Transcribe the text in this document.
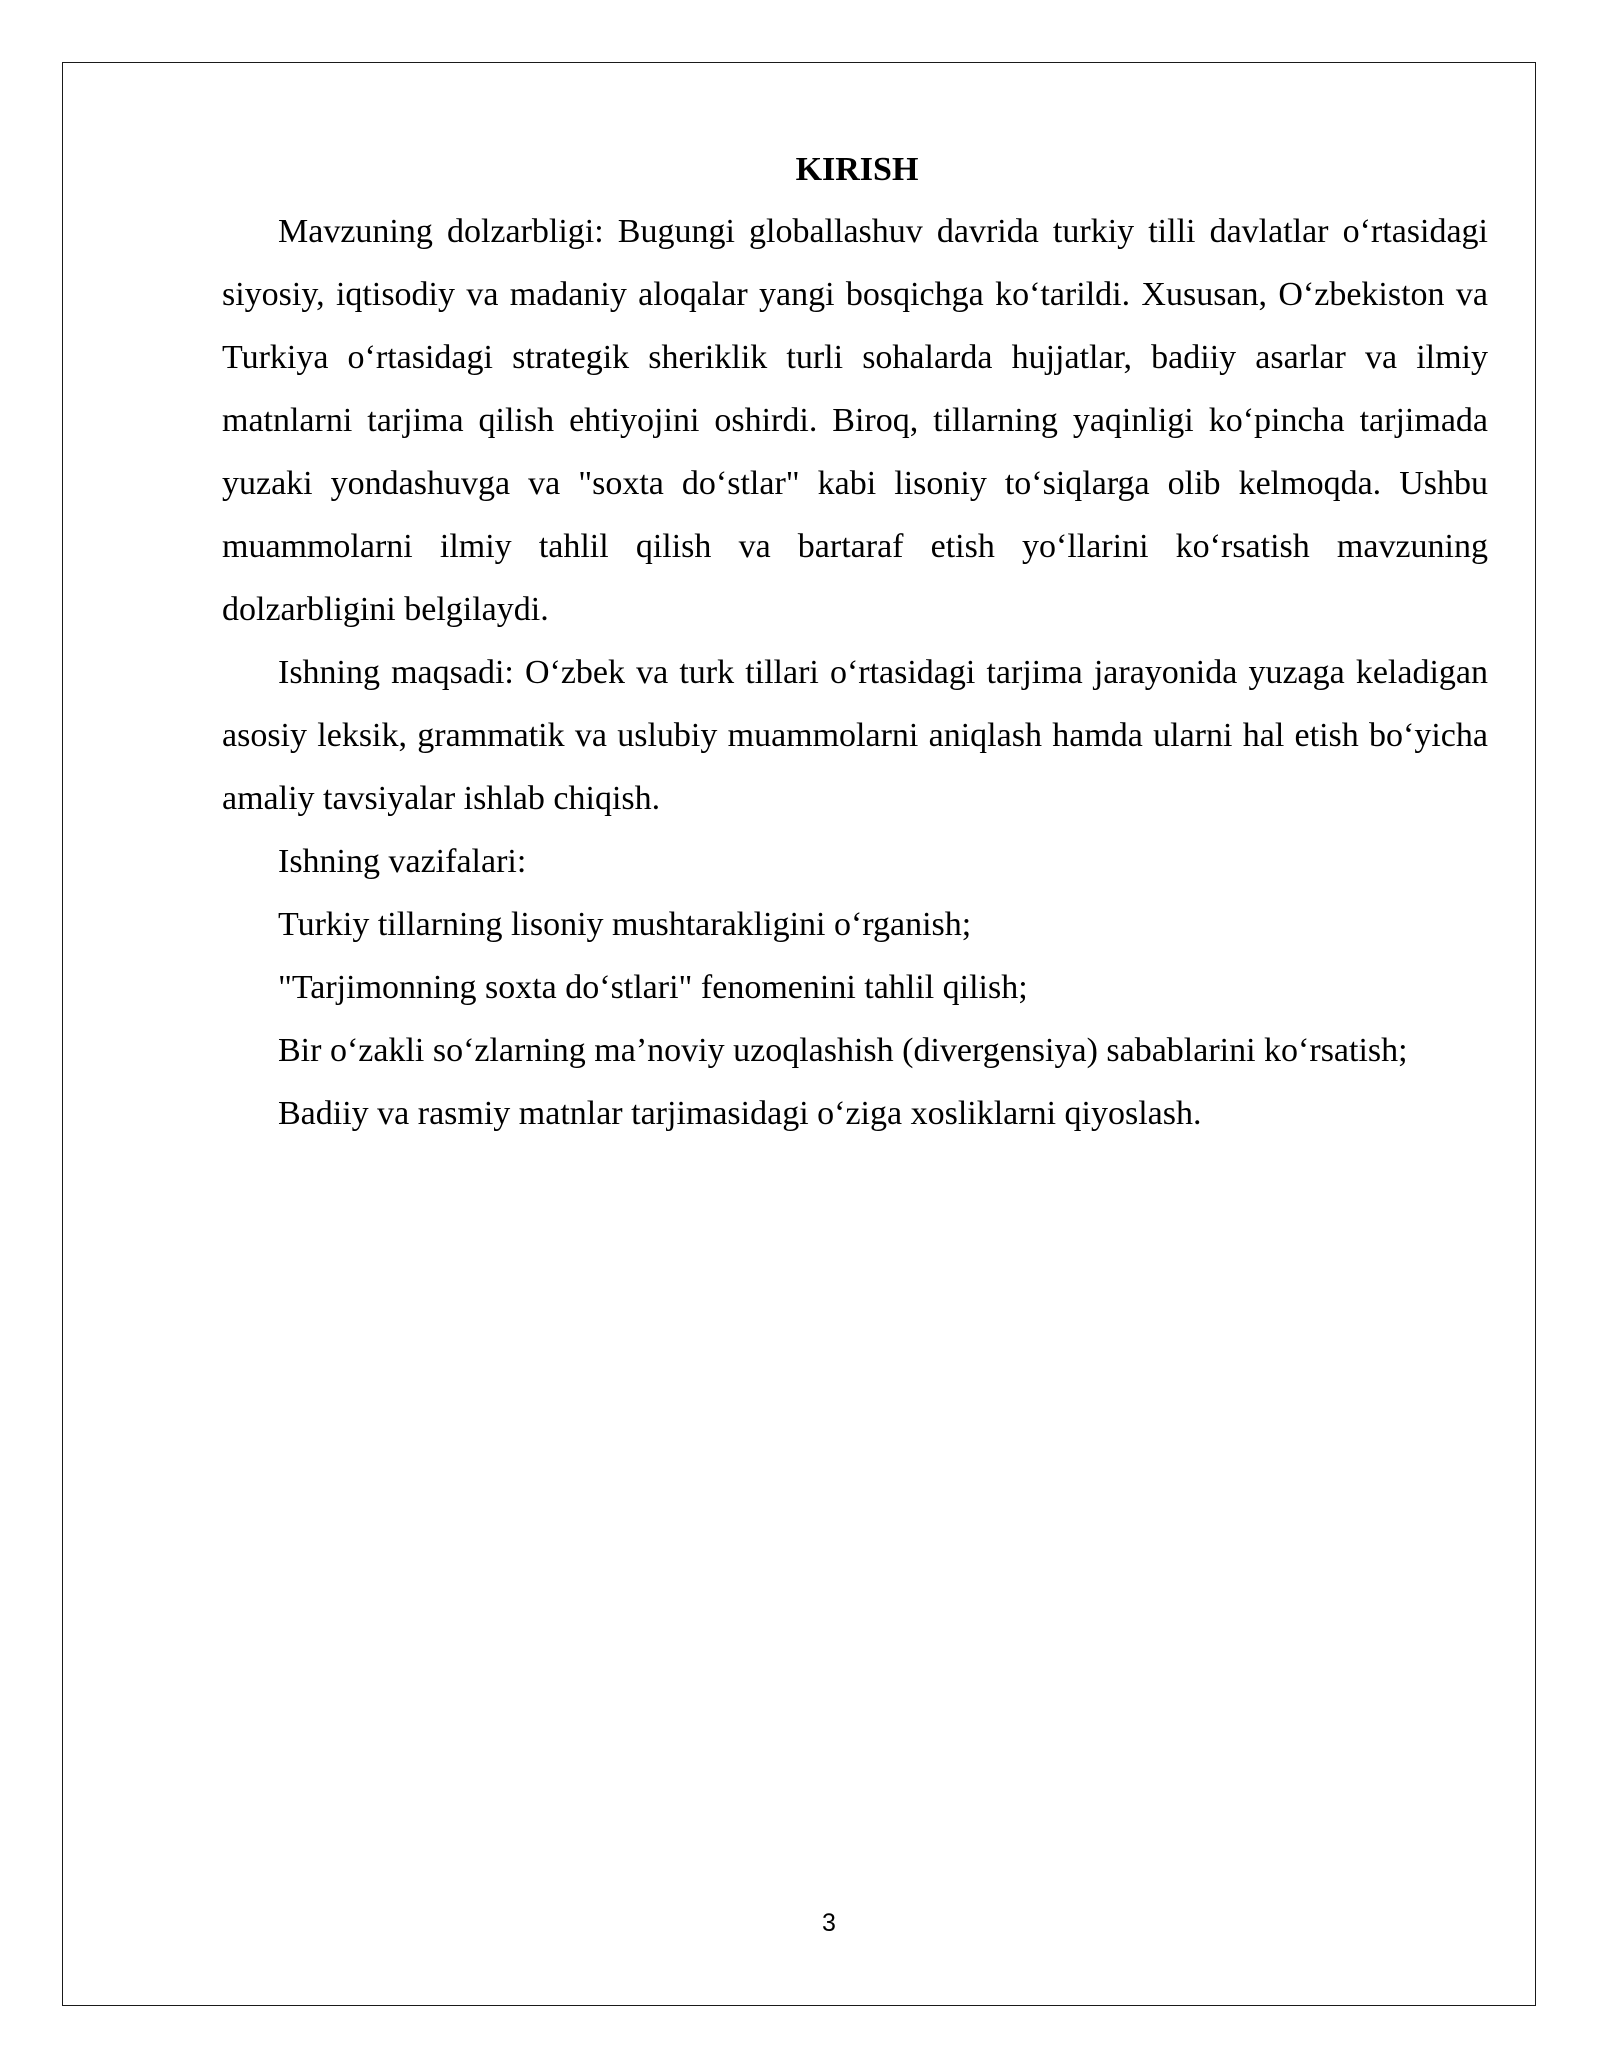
KIRISH

Mavzuning dolzarbligi: Bugungi globallashuv davrida turkiy tilli davlatlar o‘rtasidagi siyosiy, iqtisodiy va madaniy aloqalar yangi bosqichga ko‘tarildi. Xususan, O‘zbekiston va Turkiya o‘rtasidagi strategik sheriklik turli sohalarda hujjatlar, badiiy asarlar va ilmiy matnlarni tarjima qilish ehtiyojini oshirdi. Biroq, tillarning yaqinligi ko‘pincha tarjimada yuzaki yondashuvga va "soxta do‘stlar" kabi lisoniy to‘siqlarga olib kelmoqda. Ushbu muammolarni ilmiy tahlil qilish va bartaraf etish yo‘llarini ko‘rsatish mavzuning dolzarbligini belgilaydi.

Ishning maqsadi: O‘zbek va turk tillari o‘rtasidagi tarjima jarayonida yuzaga keladigan asosiy leksik, grammatik va uslubiy muammolarni aniqlash hamda ularni hal etish bo‘yicha amaliy tavsiyalar ishlab chiqish.

Ishning vazifalari:

Turkiy tillarning lisoniy mushtarakligini o‘rganish;

"Tarjimonning soxta do‘stlari" fenomenini tahlil qilish;

Bir o‘zakli so‘zlarning ma’noviy uzoqlashish (divergensiya) sabablarini ko‘rsatish;

Badiiy va rasmiy matnlar tarjimasidagi o‘ziga xosliklarni qiyoslash.

3
